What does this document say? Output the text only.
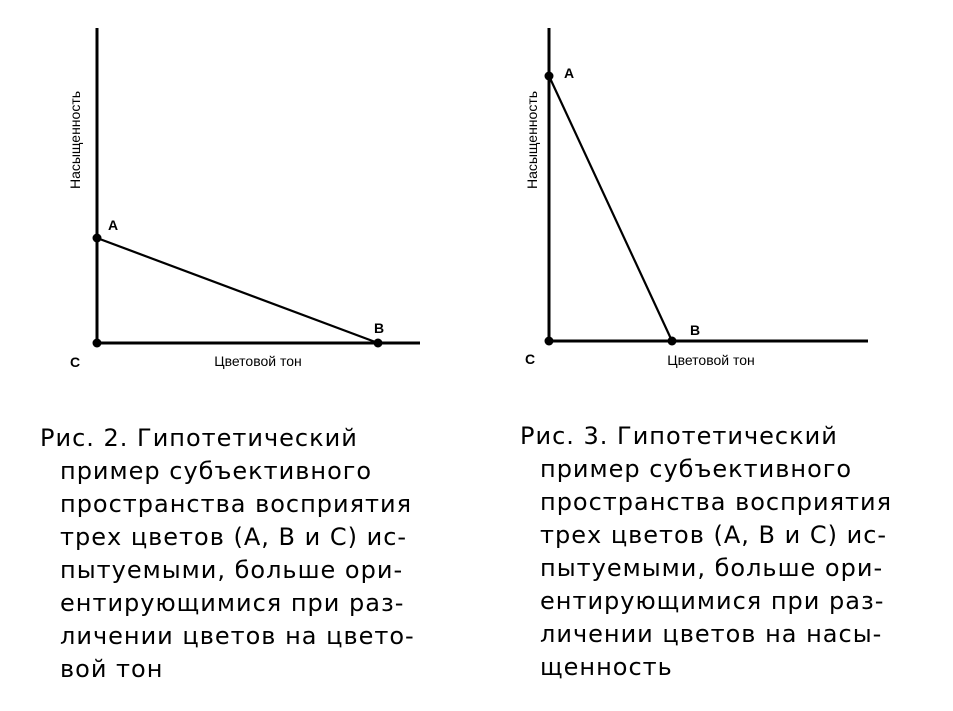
Насыщенность
Цветовой тон
A
B
C
Насыщенность
Цветовой тон
A
B
C
Рис. 2. Гипотетический
пример субъективного
пространства восприятия
трех цветов (A, B и C) ис-
пытуемыми, больше ори-
ентирующимися при раз-
личении цветов на цвето-
вой тон
Рис. 3. Гипотетический
пример субъективного
пространства восприятия
трех цветов (A, B и C) ис-
пытуемыми, больше ори-
ентирующимися при раз-
личении цветов на насы-
щенность
